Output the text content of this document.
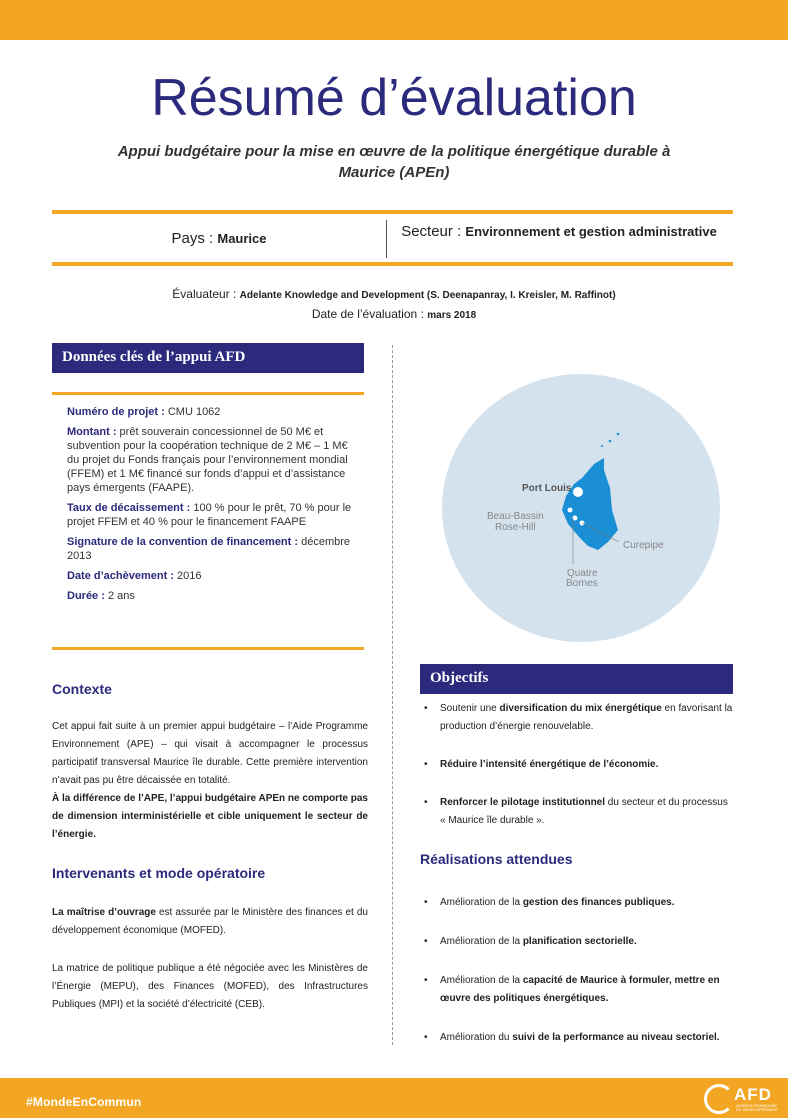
#MondeEnCommun	AFD
AGENCE FRANÇAISE DE DÉVELOPPEMENT
Résumé d’évaluation
Appui budgétaire pour la mise en œuvre de la politique énergétique durable à Maurice (APEn)
Pays : Maurice	Secteur : Environnement et gestion administrative
Évaluateur : Adelante Knowledge and Development (S. Deenapanray, I. Kreisler, M. Raffinot)
Date de l’évaluation : mars 2018
Données clés de l’appui AFD
Numéro de projet : CMU 1062
Montant : prêt souverain concessionnel de 50 M€ et subvention pour la coopération technique de 2 M€ – 1 M€ du projet du Fonds français pour l’environnement mondial (FFEM) et 1 M€ financé sur fonds d’appui et d’assistance pays émergents (FAAPE).
Taux de décaissement : 100 % pour le prêt, 70 % pour le projet FFEM et 40 % pour le financement FAAPE
Signature de la convention de financement : décembre 2013
Date d’achèvement : 2016
Durée : 2 ans
Contexte
Cet appui fait suite à un premier appui budgétaire – l’Aide Programme Environnement (APE) – qui visait à accompagner le processus participatif transversal Maurice île durable. Cette première intervention n’avait pas pu être décaissée en totalité.
À la différence de l’APE, l’appui budgétaire APEn ne comporte pas de dimension interministérielle et cible uniquement le secteur de l’énergie.
Intervenants et mode opératoire
La maîtrise d’ouvrage est assurée par le Ministère des finances et du développement économique (MOFED).
La matrice de politique publique a été négociée avec les Ministères de l’Énergie (MEPU), des Finances (MOFED), des Infrastructures Publiques (MPI) et la société d’électricité (CEB).
Port Louis
Beau-Bassin
Rose-Hill
Curepipe
Quatre
Bornes
Objectifs
• Soutenir une diversification du mix énergétique en favorisant la production d’énergie renouvelable.
• Réduire l’intensité énergétique de l’économie.
• Renforcer le pilotage institutionnel du secteur et du processus « Maurice île durable ».
Réalisations attendues
• Amélioration de la gestion des finances publiques.
• Amélioration de la planification sectorielle.
• Amélioration de la capacité de Maurice à formuler, mettre en œuvre des politiques énergétiques.
• Amélioration du suivi de la performance au niveau sectoriel.
